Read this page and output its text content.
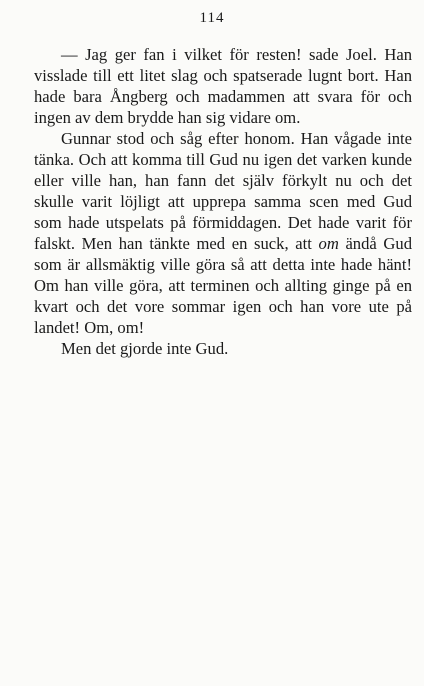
114

— Jag ger fan i vilket för resten! sade Joel. Han visslade till ett litet slag och spatserade lugnt bort. Han hade bara Ångberg och madammen att svara för och ingen av dem brydde han sig vidare om.

Gunnar stod och såg efter honom. Han vågade inte tänka. Och att komma till Gud nu igen det varken kunde eller ville han, han fann det själv förkylt nu och det skulle varit löjligt att upprepa samma scen med Gud som hade utspelats på förmiddagen. Det hade varit för falskt. Men han tänkte med en suck, att om ändå Gud som är allsmäktig ville göra så att detta inte hade hänt! Om han ville göra, att terminen och allting ginge på en kvart och det vore sommar igen och han vore ute på landet! Om, om!

Men det gjorde inte Gud.
